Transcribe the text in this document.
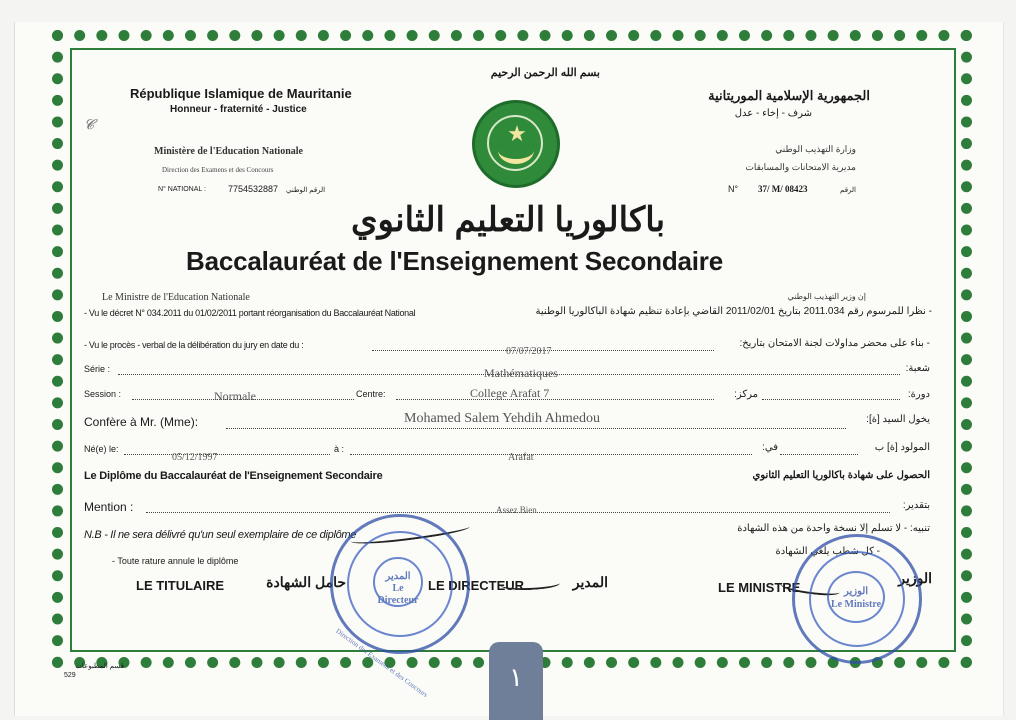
République Islamique de Mauritanie
Honneur - fraternité - Justice
𝓒
Ministère de l'Education Nationale
Direction des Examens et des Concours
N° NATIONAL : 7754532887 الرقم الوطني
بسم الله الرحمن الرحيم
الجمهورية الإسلامية الموريتانية
شرف - إخاء - عدل
وزارة التهذيب الوطني
مديرية الامتحانات والمسابقات
N° 37/ M/ 08423	الرقم
★
باكالوريا التعليم الثانوي
Baccalauréat de l'Enseignement Secondaire
Le Ministre de l'Education Nationale	إن وزير التهذيب الوطني
- Vu le décret N° 034.2011 du 01/02/2011 portant réorganisation du Baccalauréat National	- نظرا للمرسوم رقم 2011.034 بتاريخ 2011/02/01 القاضي بإعادة تنظيم شهادة الباكالوريا الوطنية
- Vu le procès - verbal de la délibération du jury en date du :	- بناء على محضر مداولات لجنة الامتحان بتاريخ:
07/07/2017
Série :	شعبة:
Mathématiques
Session :	Normale	Centre:	College Arafat 7	مركز:	دورة:
Confère à Mr. (Mme):	يخول السيد [ة]:
Mohamed Salem Yehdih Ahmedou
Né(e) le:
05/12/1997
à :
Arafat
في:	المولود [ة] ب
Le Diplôme du Baccalauréat de l'Enseignement Secondaire	الحصول على شهادة باكالوريا التعليم الثانوي
Mention :	بتقدير:
Assez Bien
N.B - Il ne sera délivré qu'un seul exemplaire de ce diplôme
تنبيه: - لا تسلم إلا نسخة واحدة من هذه الشهادة
- Toute rature annule le diplôme
- كل شطب يلغي الشهادة
LE TITULAIRE	حامل الشهادة	LE DIRECTEUR	المدير	LE MINISTRE
الوزير
المدير
Le Directeur
Direction des Examens et des Concours
الوزير
Le Ministre
529
قسم المطبوعات	١
